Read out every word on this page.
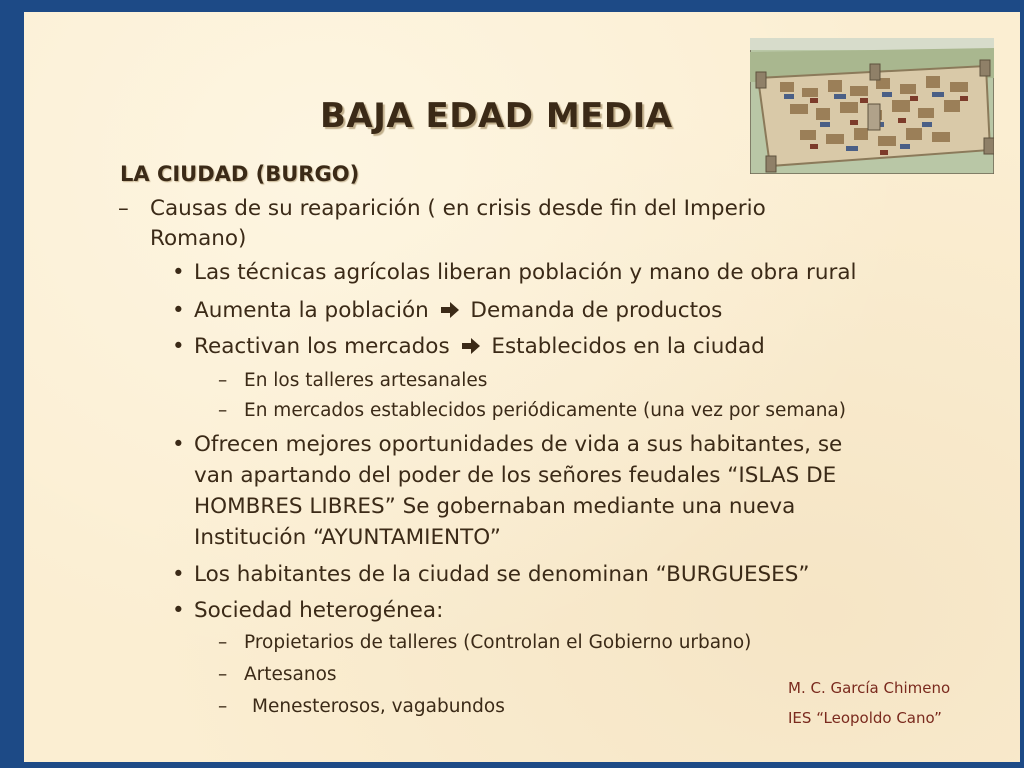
BAJA EDAD MEDIA
LA CIUDAD (BURGO)
– Causas de su reaparición ( en crisis desde fin del Imperio
Romano)
• Las técnicas agrícolas liberan población y mano de obra rural
• Aumenta la población Demanda de productos
• Reactivan los mercados Establecidos en la ciudad
– En los talleres artesanales
– En mercados establecidos periódicamente (una vez por semana)
• Ofrecen mejores oportunidades de vida a sus habitantes, se
van apartando del poder de los señores feudales “ISLAS DE
HOMBRES LIBRES” Se gobernaban mediante una nueva
Institución “AYUNTAMIENTO”
• Los habitantes de la ciudad se denominan “BURGUESES”
• Sociedad heterogénea:
– Propietarios de talleres (Controlan el Gobierno urbano)
– Artesanos
– Menesterosos, vagabundos
M. C. García Chimeno
IES “Leopoldo Cano”
